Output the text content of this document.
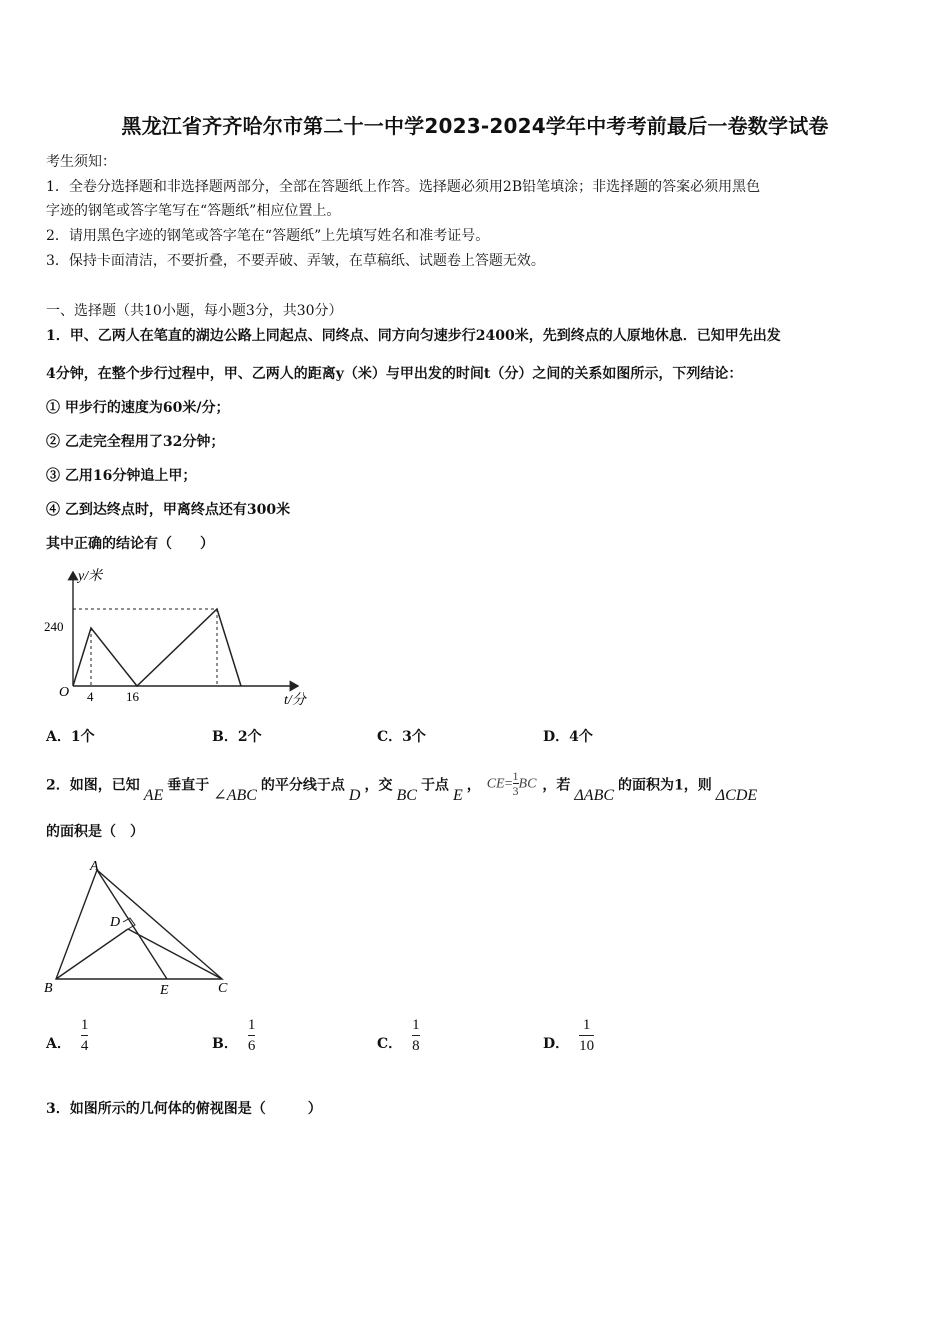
黑龙江省齐齐哈尔市第二十一中学2023-2024学年中考考前最后一卷数学试卷
考生须知：
1．全卷分选择题和非选择题两部分，全部在答题纸上作答。选择题必须用2B铅笔填涂；非选择题的答案必须用黑色
字迹的钢笔或答字笔写在“答题纸”相应位置上。
2．请用黑色字迹的钢笔或答字笔在“答题纸”上先填写姓名和准考证号。
3．保持卡面清洁，不要折叠，不要弄破、弄皱，在草稿纸、试题卷上答题无效。
一、选择题（共10小题，每小题3分，共30分）
1．甲、乙两人在笔直的湖边公路上同起点、同终点、同方向匀速步行2400米，先到终点的人原地休息．已知甲先出发
4分钟，在整个步行过程中，甲、乙两人的距离y（米）与甲出发的时间t（分）之间的关系如图所示，下列结论：
① 甲步行的速度为60米/分；
② 乙走完全程用了32分钟；
③ 乙用16分钟追上甲；
④ 乙到达终点时，甲离终点还有300米
其中正确的结论有（　　）
y/米
t/分
O
240
4	16
A．1个	B．2个	C．3个	D．4个
2．如图，已知AE垂直于∠ABC的平分线于点D，交BC于点E， $CE= \frac{1}{3}$ BC ，若ΔABC的面积为1，则ΔCDE
的面积是（　）
A
B	C
D
E
A． $\frac{1}{4}$	B． $\frac{1}{6}$	C． $\frac{1}{8}$	D． $\frac{1}{10}$
3．如图所示的几何体的俯视图是（　　　）
